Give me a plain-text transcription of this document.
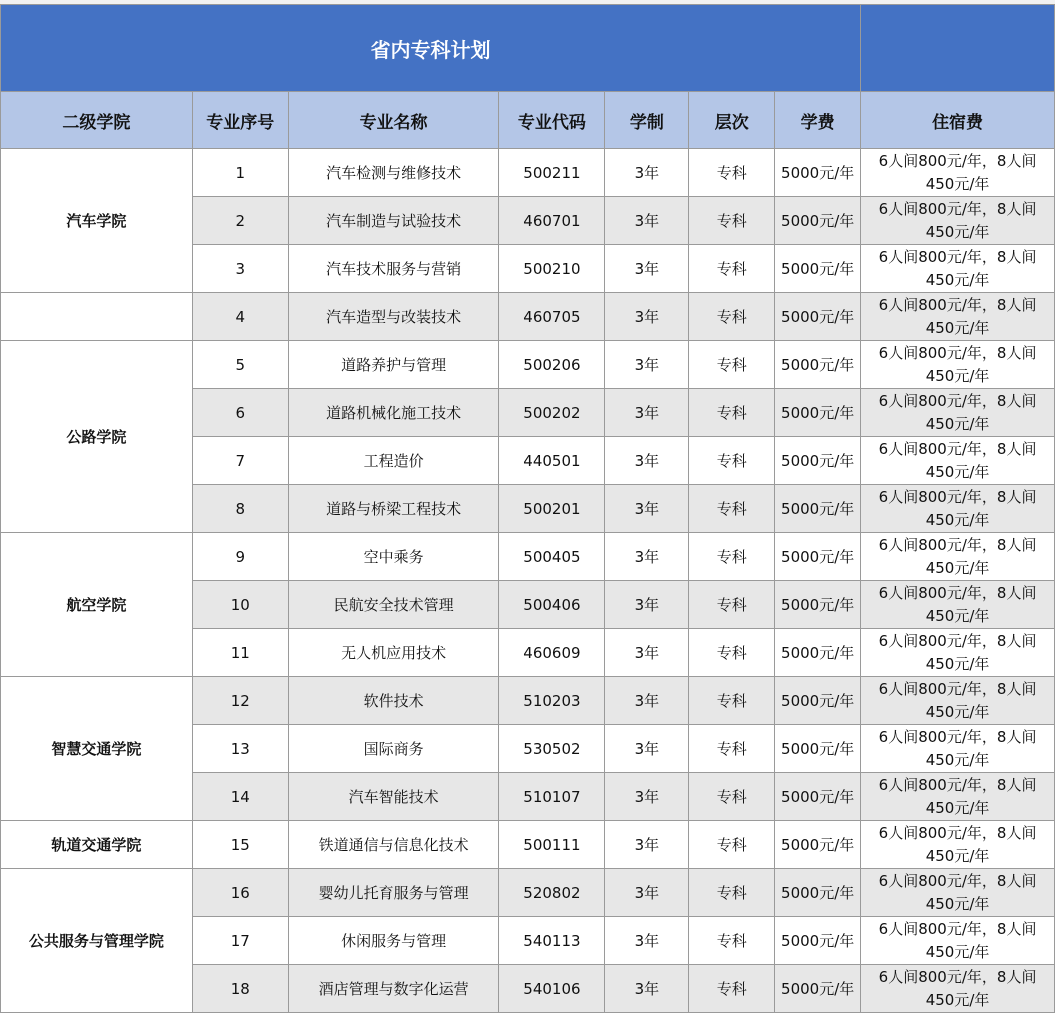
省内专科计划							
二级学院	专业序号	专业名称	专业代码	学制	层次	学费	住宿费
汽车学院	1	汽车检测与维修技术	500211	3年	专科	5000元/年	6人间800元/年，8人间
450元/年
	2	汽车制造与试验技术	460701	3年	专科	5000元/年	6人间800元/年，8人间
450元/年
	3	汽车技术服务与营销	500210	3年	专科	5000元/年	6人间800元/年，8人间
450元/年
	4	汽车造型与改装技术	460705	3年	专科	5000元/年	6人间800元/年，8人间
450元/年
公路学院	5	道路养护与管理	500206	3年	专科	5000元/年	6人间800元/年，8人间
450元/年
	6	道路机械化施工技术	500202	3年	专科	5000元/年	6人间800元/年，8人间
450元/年
	7	工程造价	440501	3年	专科	5000元/年	6人间800元/年，8人间
450元/年
	8	道路与桥梁工程技术	500201	3年	专科	5000元/年	6人间800元/年，8人间
450元/年
航空学院	9	空中乘务	500405	3年	专科	5000元/年	6人间800元/年，8人间
450元/年
	10	民航安全技术管理	500406	3年	专科	5000元/年	6人间800元/年，8人间
450元/年
	11	无人机应用技术	460609	3年	专科	5000元/年	6人间800元/年，8人间
450元/年
智慧交通学院	12	软件技术	510203	3年	专科	5000元/年	6人间800元/年，8人间
450元/年
	13	国际商务	530502	3年	专科	5000元/年	6人间800元/年，8人间
450元/年
	14	汽车智能技术	510107	3年	专科	5000元/年	6人间800元/年，8人间
450元/年
轨道交通学院	15	铁道通信与信息化技术	500111	3年	专科	5000元/年	6人间800元/年，8人间
450元/年
公共服务与管理学院	16	婴幼儿托育服务与管理	520802	3年	专科	5000元/年	6人间800元/年，8人间
450元/年
	17	休闲服务与管理	540113	3年	专科	5000元/年	6人间800元/年，8人间
450元/年
	18	酒店管理与数字化运营	540106	3年	专科	5000元/年	6人间800元/年，8人间
450元/年
